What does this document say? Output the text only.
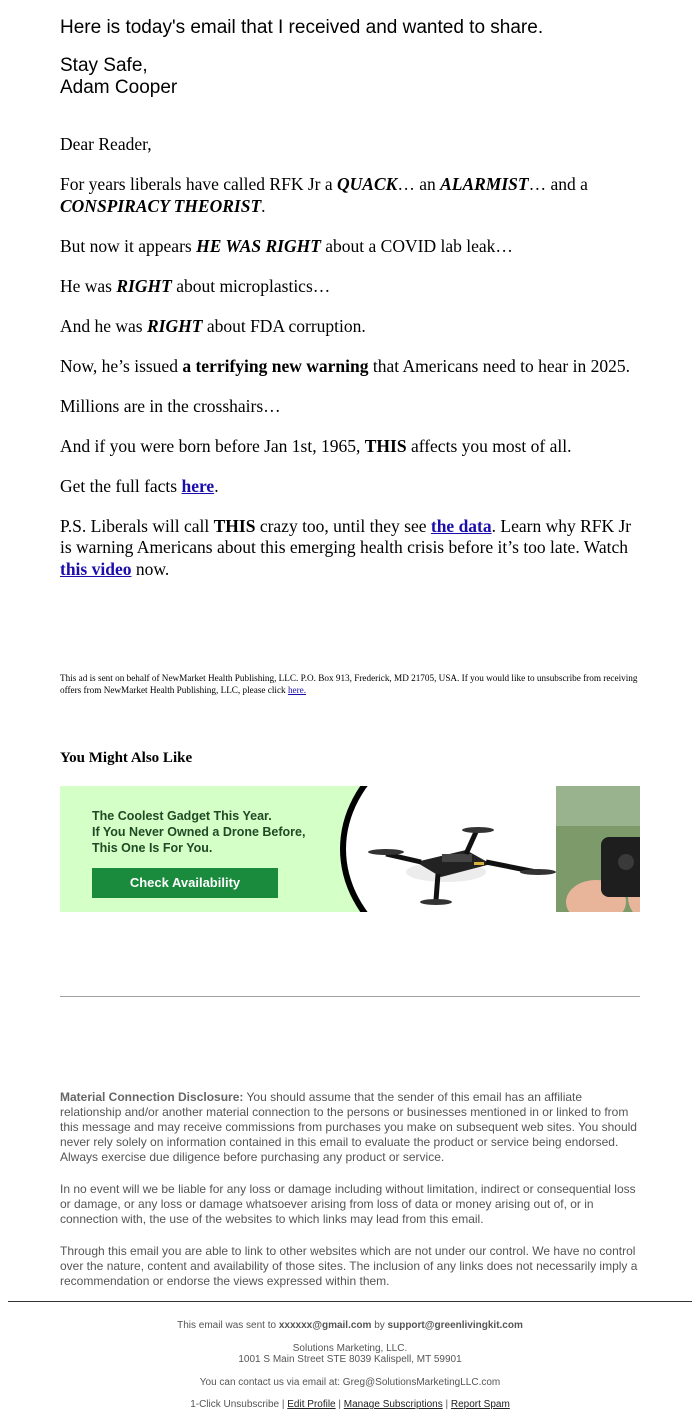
Here is today's email that I received and wanted to share.

Stay Safe,

Adam Cooper

Dear Reader,

For years liberals have called RFK Jr a QUACK… an ALARMIST… and a CONSPIRACY THEORIST.

But now it appears HE WAS RIGHT about a COVID lab leak…

He was RIGHT about microplastics…

And he was RIGHT about FDA corruption.

Now, he’s issued a terrifying new warning that Americans need to hear in 2025.

Millions are in the crosshairs…

And if you were born before Jan 1st, 1965, THIS affects you most of all.

Get the full facts here.

P.S. Liberals will call THIS crazy too, until they see the data. Learn why RFK Jr is warning Americans about this emerging health crisis before it’s too late. Watch this video now.

This ad is sent on behalf of NewMarket Health Publishing, LLC. P.O. Box 913, Frederick, MD 21705, USA. If you would like to unsubscribe from receiving offers from NewMarket Health Publishing, LLC, please click here.
You Might Also Like
The Coolest Gadget This Year.
If You Never Owned a Drone Before,
This One Is For You.
Check Availability

Material Connection Disclosure: You should assume that the sender of this email has an affiliate relationship and/or another material connection to the persons or businesses mentioned in or linked to from this message and may receive commissions from purchases you make on subsequent web sites. You should never rely solely on information contained in this email to evaluate the product or service being endorsed. Always exercise due diligence before purchasing any product or service.

In no event will we be liable for any loss or damage including without limitation, indirect or consequential loss or damage, or any loss or damage whatsoever arising from loss of data or money arising out of, or in connection with, the use of the websites to which links may lead from this email.

Through this email you are able to link to other websites which are not under our control. We have no control over the nature, content and availability of those sites. The inclusion of any links does not necessarily imply a recommendation or endorse the views expressed within them.

This email was sent to xxxxxx@gmail.com by support@greenlivingkit.com

Solutions Marketing, LLC.
1001 S Main Street STE 8039 Kalispell, MT 59901

You can contact us via email at: Greg@SolutionsMarketingLLC.com

1-Click Unsubscribe | Edit Profile | Manage Subscriptions | Report Spam
